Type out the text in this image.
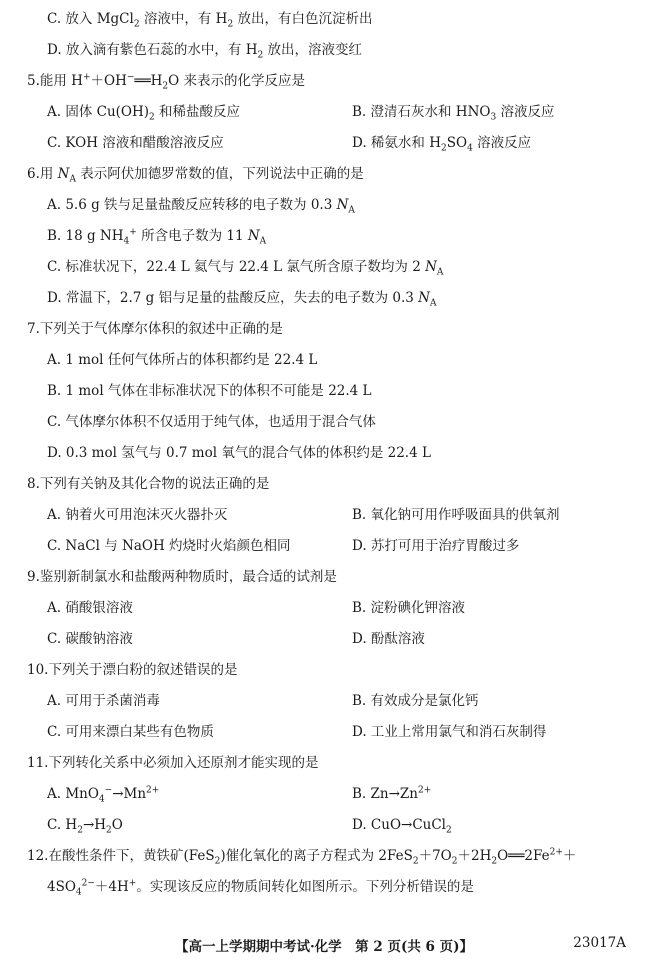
C. 放入 MgCl$_2$ 溶液中，有 $H_2$ 放出，有白色沉淀析出
D. 放入滴有紫色石蕊的水中，有 $H_2$ 放出，溶液变红
5.能用 $H^++OH^-══H_2O$ 来表示的化学反应是
A. 固体 $Cu(OH)_2$ 和稀盐酸反应	B. 澄清石灰水和 $HNO_3$ 溶液反应
C. KOH 溶液和醋酸溶液反应	D. 稀氨水和 $H_2SO_4$ 溶液反应
6.用 $N_A$ 表示阿伏加德罗常数的值，下列说法中正确的是
A. 5.6 g 铁与足量盐酸反应转移的电子数为 0.3 $N_A$
B. 18 g $NH_4^+$ 所含电子数为 11 $N_A$
C. 标准状况下，22.4 L 氦气与 22.4 L 氯气所含原子数均为 2 $N_A$
D. 常温下，2.7 g 铝与足量的盐酸反应，失去的电子数为 0.3 $N_A$
7.下列关于气体摩尔体积的叙述中正确的是
A. 1 mol 任何气体所占的体积都约是 22.4 L
B. 1 mol 气体在非标准状况下的体积不可能是 22.4 L
C. 气体摩尔体积不仅适用于纯气体，也适用于混合气体
D. 0.3 mol 氢气与 0.7 mol 氧气的混合气体的体积约是 22.4 L
8.下列有关钠及其化合物的说法正确的是
A. 钠着火可用泡沫灭火器扑灭	B. 氧化钠可用作呼吸面具的供氧剂
C. NaCl 与 NaOH 灼烧时火焰颜色相同	D. 苏打可用于治疗胃酸过多
9.鉴别新制氯水和盐酸两种物质时，最合适的试剂是
A. 硝酸银溶液	B. 淀粉碘化钾溶液
C. 碳酸钠溶液	D. 酚酞溶液
10.下列关于漂白粉的叙述错误的是
A. 可用于杀菌消毒	B. 有效成分是氯化钙
C. 可用来漂白某些有色物质	D. 工业上常用氯气和消石灰制得
11.下列转化关系中必须加入还原剂才能实现的是
A. $MnO_4^-\to Mn^{2+}$	B. $Zn\to Zn^{2+}$
C. $H_2\to H_2O$	D. CuO→CuCl$_2$
12.在酸性条件下，黄铁矿(FeS$_2$)催化氧化的离子方程式为 $2FeS_2+7O_2+2H_2O══2Fe^{2+}+$
$4SO_4^{2-}+4H^+$。实现该反应的物质间转化如图所示。下列分析错误的是
【高一上学期期中考试·化学　第 2 页(共 6 页)】	23017A
